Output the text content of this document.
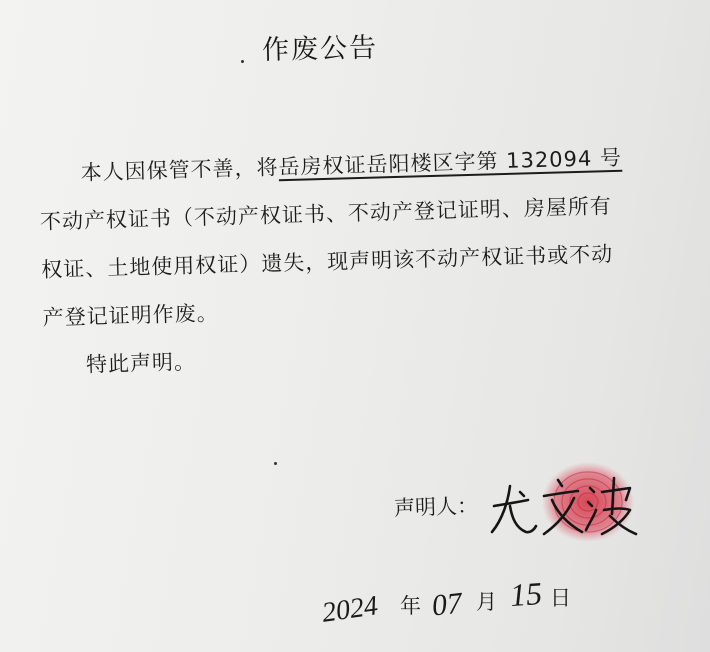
作废公告
本人因保管不善，将岳房权证岳阳楼区字第 132094 号
不动产权证书（不动产权证书、不动产登记证明、房屋所有
权证、土地使用权证）遗失，现声明该不动产权证书或不动
产登记证明作废。
特此声明。
声明人：
2024 年 07 月 15 日
